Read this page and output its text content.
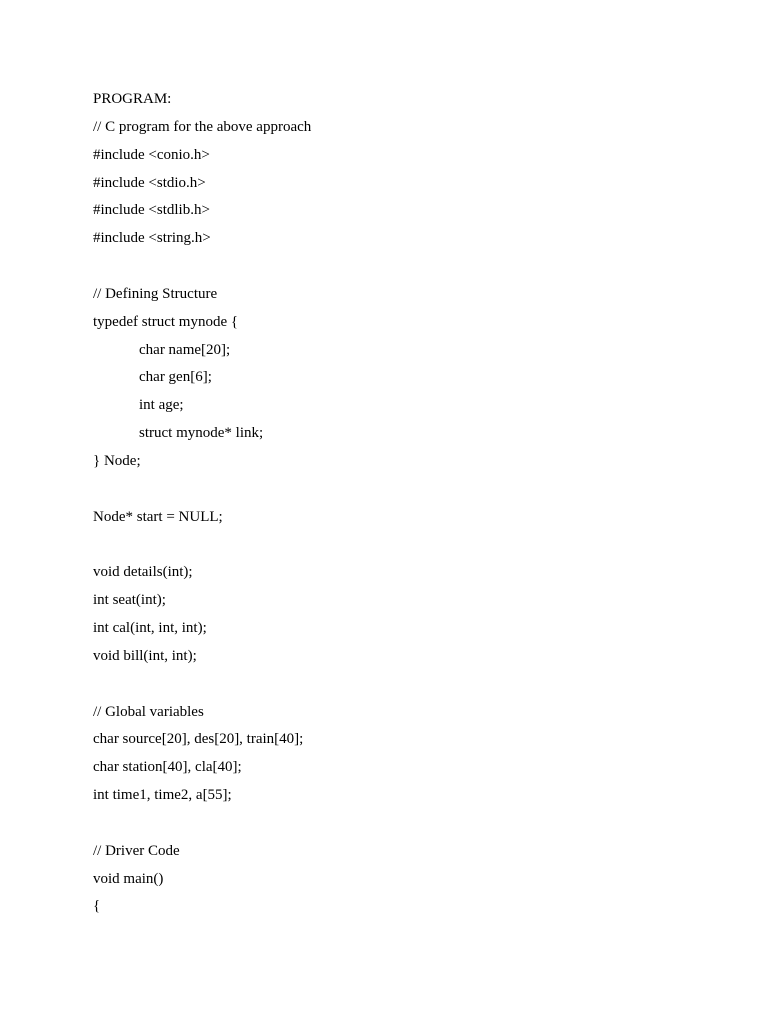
PROGRAM:
// C program for the above approach
#include <conio.h>
#include <stdio.h>
#include <stdlib.h>
#include <string.h>
// Defining Structure
typedef struct mynode {
char name[20];
char gen[6];
int age;
struct mynode* link;
} Node;
Node* start = NULL;
void details(int);
int seat(int);
int cal(int, int, int);
void bill(int, int);
// Global variables
char source[20], des[20], train[40];
char station[40], cla[40];
int time1, time2, a[55];
// Driver Code
void main()
{
